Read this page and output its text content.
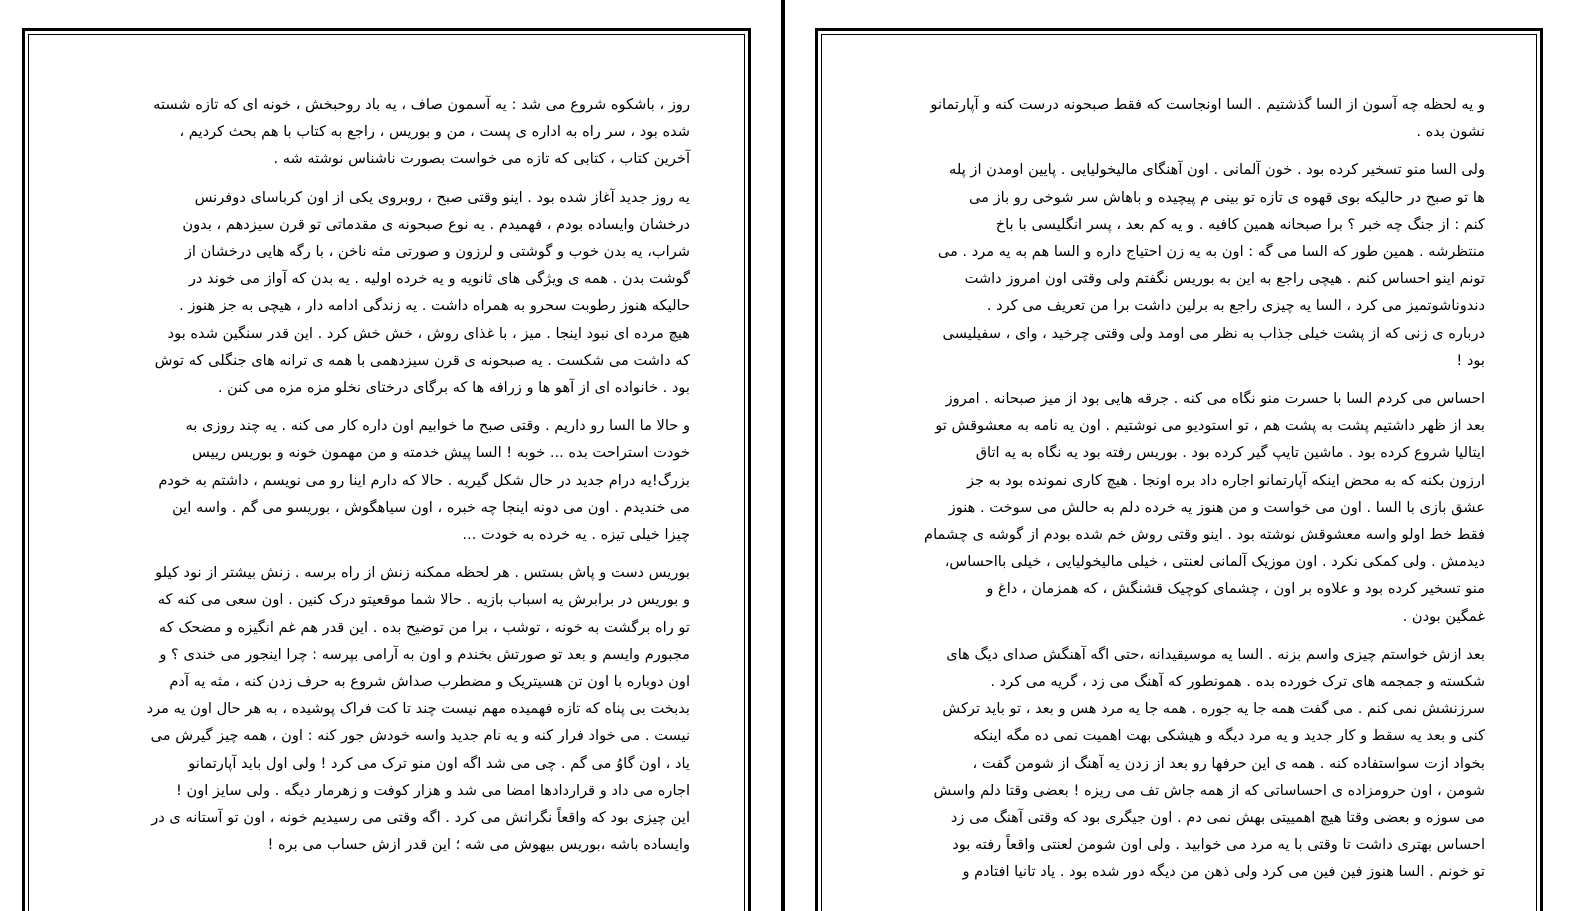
روز ، باشکوه شروع می شد : یه آسمون صاف ، یه باد روحبخش ، خونه ای که تازه شسته
شده بود ، سر راه به اداره ی پست ، من و بوریس ، راجع به کتاب با هم بحث کردیم ،
آخرین کتاب ، کتابی که تازه می خواست بصورت ناشناس نوشته شه .

یه روز جدید آغاز شده بود . اینو وقتی صبح ، روبروی یکی از اون کرباسای دوفرنس
درخشان وایساده بودم ، فهمیدم . یه نوع صبحونه ی مقدماتی تو قرن سیزدهم ، بدون
شراب، یه بدن خوب و گوشتی و لرزون و صورتی مثه ناخن ، با رگه هایی درخشان از
گوشت بدن . همه ی ویژگی های ثانویه و یه خرده اولیه . یه بدن که آواز می خوند در
حالیکه هنوز رطوبت سحرو به همراه داشت . یه زندگی ادامه دار ، هیچی به جز هنوز .
هیچ مرده ای نبود اینجا . میز ، با غذای روش ، خش خش کرد . این قدر سنگین شده بود
که داشت می شکست . یه صبحونه ی قرن سیزدهمی با همه ی ترانه های جنگلی که توش
بود . خانواده ای از آهو ها و زرافه ها که برگای درختای نخلو مزه مزه می کنن .

و حالا ما السا رو داریم . وقتی صبح ما خوابیم اون داره کار می کنه . یه چند روزی به
خودت استراحت بده ... خوبه ! السا پیش خدمته و من مهمون خونه و بوریس رییس
بزرگ!یه درام جدید در حال شکل گیریه . حالا که دارم اینا رو می نویسم ، داشتم به خودم
می خندیدم . اون می دونه اینجا چه خبره ، اون سیاهگوش ، بوریسو می گم . واسه این
چیزا خیلی تیزه . یه خرده به خودت ...

بوریس دست و پاش بستس . هر لحظه ممکنه زنش از راه برسه . زنش بیشتر از نود کیلو
و بوریس در برابرش یه اسباب بازیه . حالا شما موقعیتو درک کنین . اون سعی می کنه که
تو راه برگشت به خونه ، توشب ، برا من توضیح بده . این قدر هم غم انگیزه و مضحک که
مجبورم وایسم و بعد تو صورتش بخندم و اون به آرامی بپرسه : چرا اینجور می خندی ؟ و
اون دوباره با اون تن هسیتریک و مضطرب صداش شروع به حرف زدن کنه ، مثه یه آدم
بدبخت بی پناه که تازه فهمیده مهم نیست چند تا کت فراک پوشیده ، به هر حال اون یه مرد
نیست . می خواد فرار کنه و یه نام جدید واسه خودش جور کنه : اون ، همه چیز گیرش می
یاد ، اون گاوُ می گم . چی می شد اگه اون منو ترک می کرد ! ولی اول باید آپارتمانو
اجاره می داد و قراردادها امضا می شد و هزار کوفت و زهرمار دیگه . ولی سایز اون !
این چیزی بود که واقعاً نگرانش می کرد . اگه وقتی می رسیدیم خونه ، اون تو آستانه ی در
وایساده باشه ،بوریس بیهوش می شه ؛ این قدر ازش حساب می بره !

و یه لحظه چه آسون از السا گذشتیم . السا اونجاست که فقط صبحونه درست کنه و آپارتمانو
نشون بده .

ولی السا منو تسخیر کرده بود . خون آلمانی . اون آهنگای مالیخولیایی . پایین اومدن از پله
ها تو صبح در حالیکه بوی قهوه ی تازه تو بینی م پیچیده و باهاش سر شوخی رو باز می
کنم : از جنگ چه خبر ؟ برا صبحانه همین کافیه . و یه کم بعد ، پسر انگلیسی با باخ
منتظرشه . همین طور که السا می گه : اون به یه زن احتیاج داره و السا هم به یه مرد . می
تونم اینو احساس کنم . هیچی راجع به این به بوریس نگفتم ولی وقتی اون امروز داشت
دندوناشوتمیز می کرد ، السا یه چیزی راجع به برلین داشت برا من تعریف می کرد .
درباره ی زنی که از پشت خیلی جذاب به نظر می اومد ولی وقتی چرخید ، وای ، سفیلیسی
بود !

احساس می کردم السا با حسرت منو نگاه می کنه . جرقه هایی بود از میز صبحانه . امروز
بعد از ظهر داشتیم پشت به پشت هم ، تو استودیو می نوشتیم . اون یه نامه به معشوقش تو
ایتالیا شروع کرده بود . ماشین تایپ گیر کرده بود . بوریس رفته بود یه نگاه به یه اتاق
ارزون بکنه که به محض اینکه آپارتمانو اجاره داد بره اونجا . هیچ کاری نمونده بود به جز
عشق بازی با السا . اون می خواست و من هنوز یه خرده دلم به حالش می سوخت . هنوز
فقط خط اولو واسه معشوقش نوشته بود . اینو وقتی روش خم شده بودم از گوشه ی چشمام
دیدمش . ولی کمکی نکرد . اون موزیک آلمانی لعنتی ، خیلی مالیخولیایی ، خیلی بااحساس،
منو تسخیر کرده بود و علاوه بر اون ، چشمای کوچیک قشنگش ، که همزمان ، داغ و
غمگین بودن .

بعد ازش خواستم چیزی واسم بزنه . السا یه موسیقیدانه ،حتی اگه آهنگش صدای دیگ های
شکسته و جمجمه های ترک خورده بده . همونطور که آهنگ می زد ، گریه می کرد .
سرزنشش نمی کنم . می گفت همه جا یه جوره . همه جا یه مرد هس و بعد ، تو باید ترکش
کنی و بعد یه سقط و کار جدید و یه مرد دیگه و هیشکی بهت اهمیت نمی ده مگه اینکه
بخواد ازت سواستفاده کنه . همه ی این حرفها رو بعد از زدن یه آهنگ از شومن گفت ،
شومن ، اون حرومزاده ی احساساتی که از همه جاش تف می ریزه ! بعضی وقتا دلم واسش
می سوزه و بعضی وقتا هیچ اهمییتی بهش نمی دم . اون جیگری بود که وقتی آهنگ می زد
احساس بهتری داشت تا وقتی با یه مرد می خوابید . ولی اون شومن لعنتی واقعاً رفته بود
تو خونم . السا هنوز فین فین می کرد ولی ذهن من دیگه دور شده بود . یاد تانیا افتادم و
